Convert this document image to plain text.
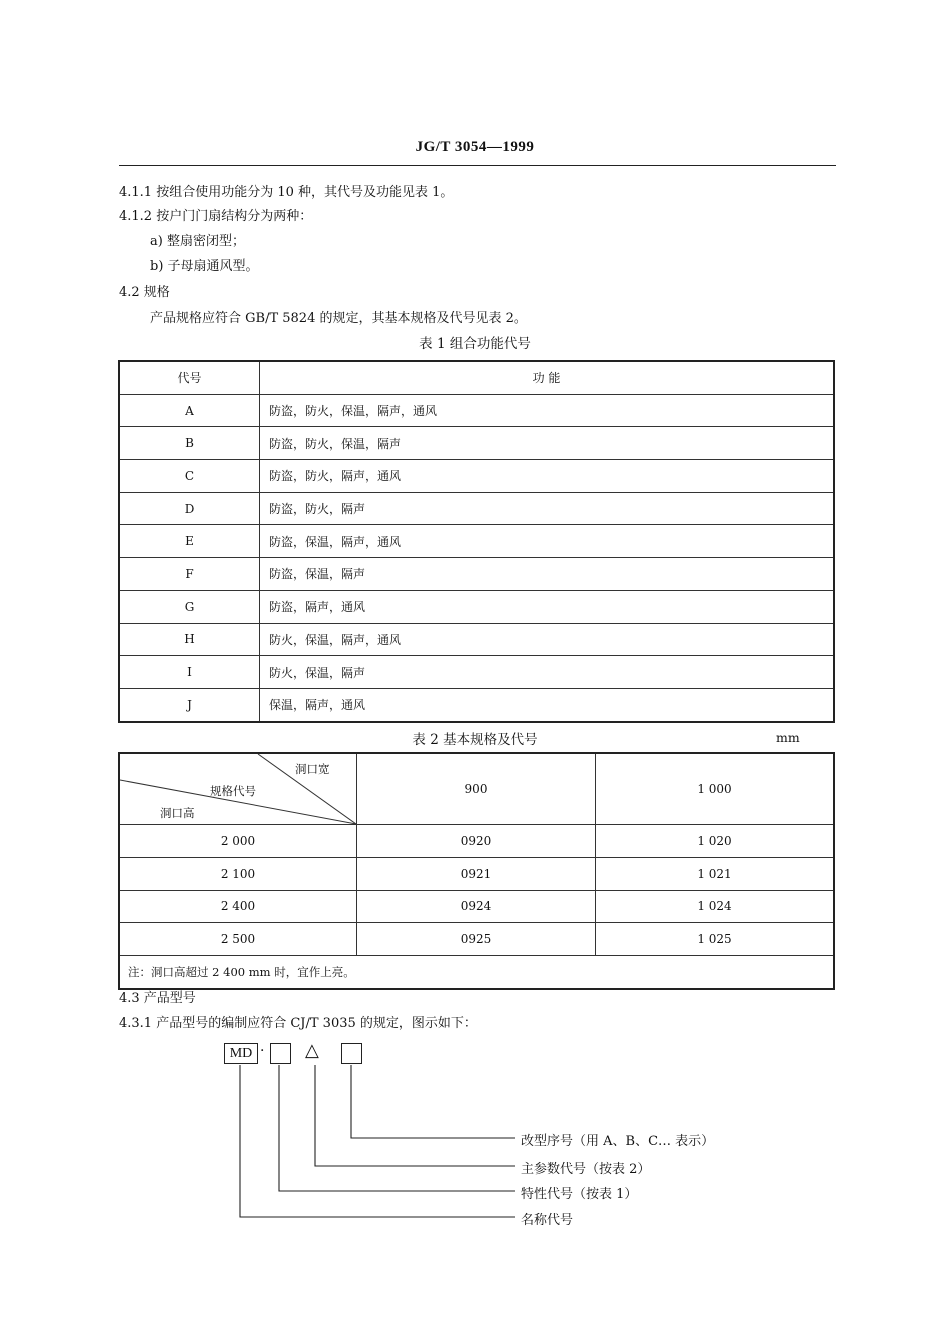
JG/T 3054—1999
4.1.1 按组合使用功能分为 10 种，其代号及功能见表 1。
4.1.2 按户门门扇结构分为两种：
a) 整扇密闭型；
b) 子母扇通风型。
4.2 规格
产品规格应符合 GB/T 5824 的规定，其基本规格及代号见表 2。
表 1 组合功能代号
代号	功 能
A	防盗，防火，保温，隔声，通风
B	防盗，防火，保温，隔声
C	防盗，防火，隔声，通风
D	防盗，防火，隔声
E	防盗，保温，隔声，通风
F	防盗，保温，隔声
G	防盗，隔声，通风
H	防火，保温，隔声，通风
I	防火，保温，隔声
J	保温，隔声，通风
表 2 基本规格及代号	mm
洞口宽
规格代号
洞口高	900	1 000
2 000	0920	1 020
2 100	0921	1 021
2 400	0924	1 024
2 500	0925	1 025
注：洞口高超过 2 400 mm 时，宜作上亮。		
4.3 产品型号
4.3.1 产品型号的编制应符合 CJ/T 3035 的规定，图示如下：
MD · △
改型序号（用 A、B、C… 表示）
主参数代号（按表 2）
特性代号（按表 1）
名称代号
